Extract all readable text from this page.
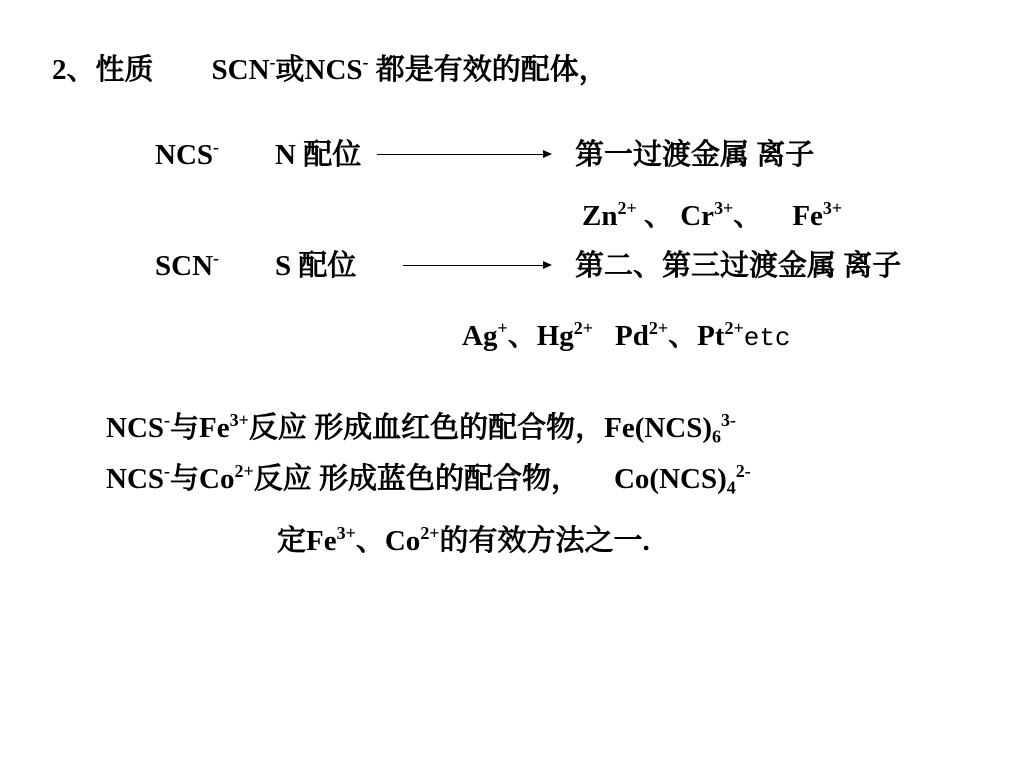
2、性质 SCN-或NCS- 都是有效的配体，
NCS- N 配位	第一过渡金属 离子
$Zn^{2+}$ 、 $Cr^{3+}$、 $Fe^{3+}$
SCN- S 配位	第二、第三过渡金属 离子
Ag+、$Hg^{2+}$ $Pd^{2+}$、$Pt^{2+}etc$
NCS-与$Fe^{3+}$反应 形成血红色的配合物，$Fe(NCS)_6^{3-}$
NCS-与$Co^{2+}$反应 形成蓝色的配合物， $Co(NCS)_4^{2-}$
定$Fe^{3+}$、$Co^{2+}$的有效方法之一.
